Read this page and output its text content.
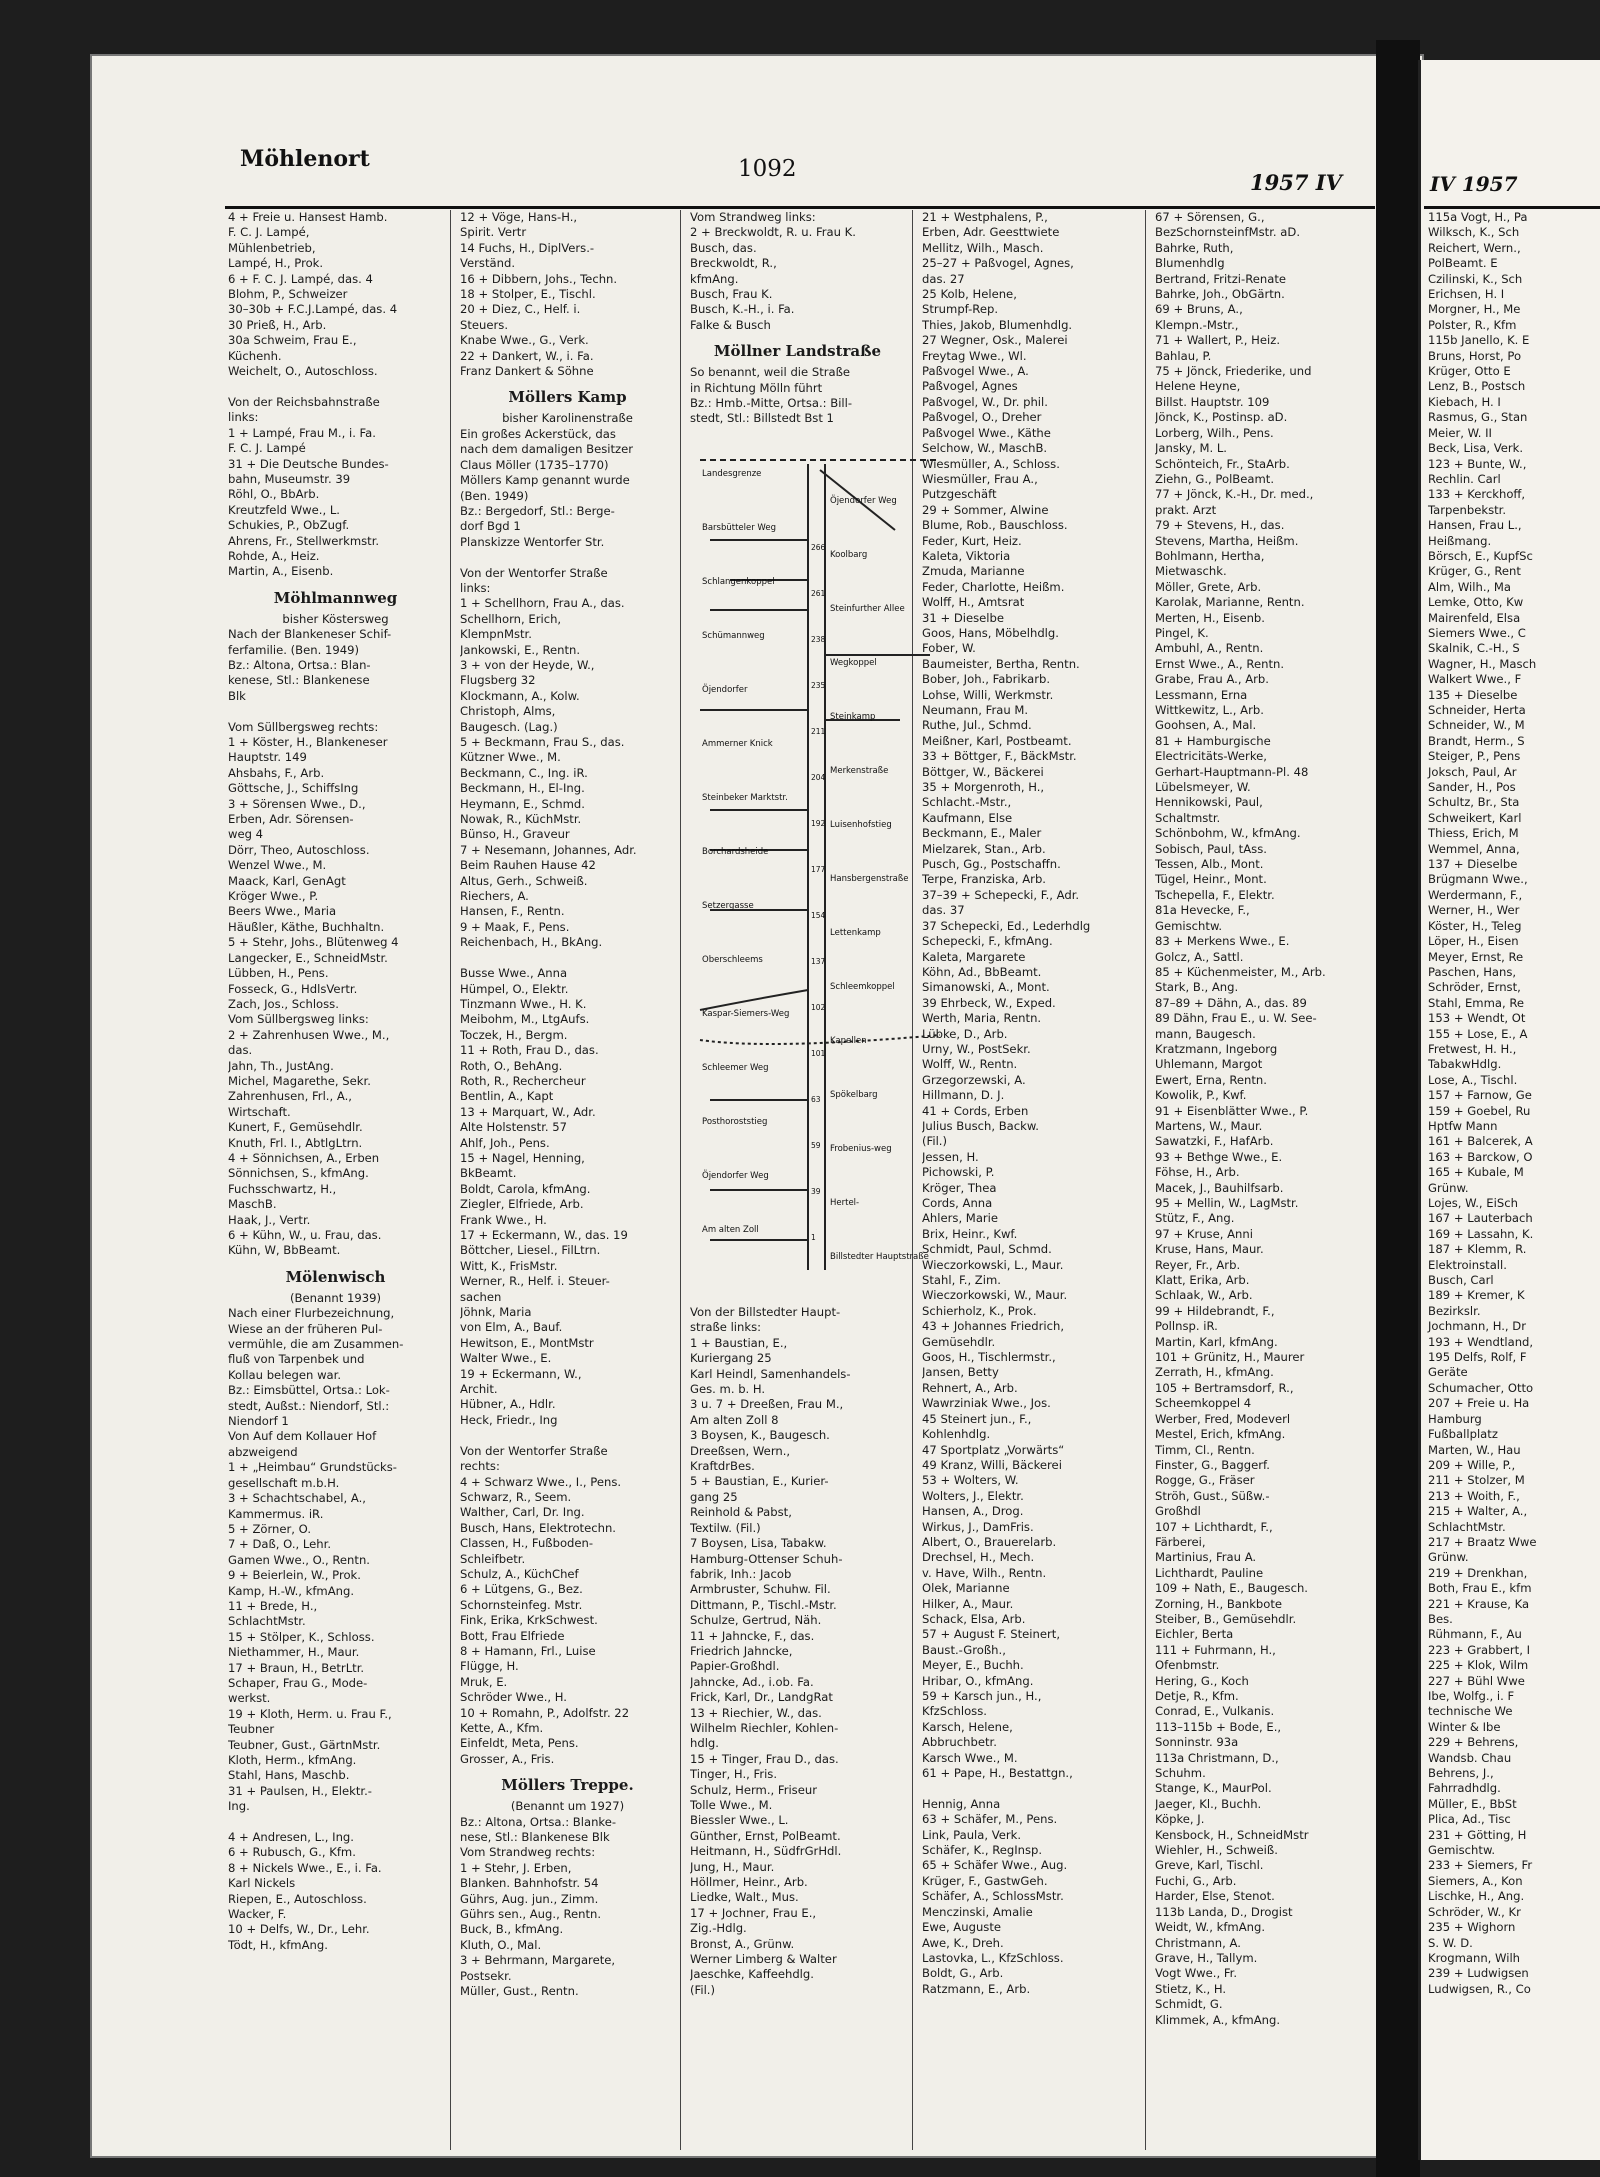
Möhlenort	1092
1957 IV	IV 1957
4 + Freie u. Hansest Hamb.
F. C. J. Lampé,
Mühlenbetrieb,
Lampé, H., Prok.
6 + F. C. J. Lampé, das. 4
Blohm, P., Schweizer
30–30b + F.C.J.Lampé, das. 4
30 Prieß, H., Arb.
30a Schweim, Frau E.,
Küchenh.
Weichelt, O., Autoschloss.

Von der Reichsbahnstraße
links:
1 + Lampé, Frau M., i. Fa.
F. C. J. Lampé
31 + Die Deutsche Bundes-
bahn, Museumstr. 39
Röhl, O., BbArb.
Kreutzfeld Wwe., L.
Schukies, P., ObZugf.
Ahrens, Fr., Stellwerkmstr.
Rohde, A., Heiz.
Martin, A., Eisenb.
Möhlmannweg
bisher Köstersweg
Nach der Blankeneser Schif-
ferfamilie. (Ben. 1949)
Bz.: Altona, Ortsa.: Blan-
kenese, Stl.: Blankenese
Blk

Vom Süllbergsweg rechts:
1 + Köster, H., Blankeneser
Hauptstr. 149
Ahsbahs, F., Arb.
Göttsche, J., SchiffsIng
3 + Sörensen Wwe., D.,
Erben, Adr. Sörensen-
weg 4
Dörr, Theo, Autoschloss.
Wenzel Wwe., M.
Maack, Karl, GenAgt
Kröger Wwe., P.
Beers Wwe., Maria
Häußler, Käthe, Buchhaltn.
5 + Stehr, Johs., Blütenweg 4
Langecker, E., SchneidMstr.
Lübben, H., Pens.
Fosseck, G., HdlsVertr.
Zach, Jos., Schloss.
Vom Süllbergsweg links:
2 + Zahrenhusen Wwe., M.,
das.
Jahn, Th., JustAng.
Michel, Magarethe, Sekr.
Zahrenhusen, Frl., A.,
Wirtschaft.
Kunert, F., Gemüsehdlr.
Knuth, Frl. I., AbtlgLtrn.
4 + Sönnichsen, A., Erben
Sönnichsen, S., kfmAng.
Fuchsschwartz, H.,
MaschB.
Haak, J., Vertr.
6 + Kühn, W., u. Frau, das.
Kühn, W, BbBeamt.
Mölenwisch
(Benannt 1939)
Nach einer Flurbezeichnung,
Wiese an der früheren Pul-
vermühle, die am Zusammen-
fluß von Tarpenbek und
Kollau belegen war.
Bz.: Eimsbüttel, Ortsa.: Lok-
stedt, Außst.: Niendorf, Stl.:
Niendorf 1
Von Auf dem Kollauer Hof
abzweigend
1 + „Heimbau“ Grundstücks-
gesellschaft m.b.H.
3 + Schachtschabel, A.,
Kammermus. iR.
5 + Zörner, O.
7 + Daß, O., Lehr.
Gamen Wwe., O., Rentn.
9 + Beierlein, W., Prok.
Kamp, H.-W., kfmAng.
11 + Brede, H.,
SchlachtMstr.
15 + Stölper, K., Schloss.
Niethammer, H., Maur.
17 + Braun, H., BetrLtr.
Schaper, Frau G., Mode-
werkst.
19 + Kloth, Herm. u. Frau F.,
Teubner
Teubner, Gust., GärtnMstr.
Kloth, Herm., kfmAng.
Stahl, Hans, Maschb.
31 + Paulsen, H., Elektr.-
Ing.

4 + Andresen, L., Ing.
6 + Rubusch, G., Kfm.
8 + Nickels Wwe., E., i. Fa.
Karl Nickels
Riepen, E., Autoschloss.
Wacker, F.
10 + Delfs, W., Dr., Lehr.
Tödt, H., kfmAng.
12 + Vöge, Hans-H.,
Spirit. Vertr
14 Fuchs, H., DiplVers.-
Verständ.
16 + Dibbern, Johs., Techn.
18 + Stolper, E., Tischl.
20 + Diez, C., Helf. i.
Steuers.
Knabe Wwe., G., Verk.
22 + Dankert, W., i. Fa.
Franz Dankert & Söhne
Möllers Kamp
bisher Karolinenstraße
Ein großes Ackerstück, das
nach dem damaligen Besitzer
Claus Möller (1735–1770)
Möllers Kamp genannt wurde
(Ben. 1949)
Bz.: Bergedorf, Stl.: Berge-
dorf Bgd 1
Planskizze Wentorfer Str.

Von der Wentorfer Straße
links:
1 + Schellhorn, Frau A., das.
Schellhorn, Erich,
KlempnMstr.
Jankowski, E., Rentn.
3 + von der Heyde, W.,
Flugsberg 32
Klockmann, A., Kolw.
Christoph, Alms,
Baugesch. (Lag.)
5 + Beckmann, Frau S., das.
Kützner Wwe., M.
Beckmann, C., Ing. iR.
Beckmann, H., El-Ing.
Heymann, E., Schmd.
Nowak, R., KüchMstr.
Bünso, H., Graveur
7 + Nesemann, Johannes, Adr.
Beim Rauhen Hause 42
Altus, Gerh., Schweiß.
Riechers, A.
Hansen, F., Rentn.
9 + Maak, F., Pens.
Reichenbach, H., BkAng.

Busse Wwe., Anna
Hümpel, O., Elektr.
Tinzmann Wwe., H. K.
Meibohm, M., LtgAufs.
Toczek, H., Bergm.
11 + Roth, Frau D., das.
Roth, O., BehAng.
Roth, R., Rechercheur
Bentlin, A., Kapt
13 + Marquart, W., Adr.
Alte Holstenstr. 57
Ahlf, Joh., Pens.
15 + Nagel, Henning,
BkBeamt.
Boldt, Carola, kfmAng.
Ziegler, Elfriede, Arb.
Frank Wwe., H.
17 + Eckermann, W., das. 19
Böttcher, Liesel., FilLtrn.
Witt, K., FrisMstr.
Werner, R., Helf. i. Steuer-
sachen
Jöhnk, Maria
von Elm, A., Bauf.
Hewitson, E., MontMstr
Walter Wwe., E.
19 + Eckermann, W.,
Archit.
Hübner, A., Hdlr.
Heck, Friedr., Ing

Von der Wentorfer Straße
rechts:
4 + Schwarz Wwe., I., Pens.
Schwarz, R., Seem.
Walther, Carl, Dr. Ing.
Busch, Hans, Elektrotechn.
Classen, H., Fußboden-
Schleifbetr.
Schulz, A., KüchChef
6 + Lütgens, G., Bez.
Schornsteinfeg. Mstr.
Fink, Erika, KrkSchwest.
Bott, Frau Elfriede
8 + Hamann, Frl., Luise
Flügge, H.
Mruk, E.
Schröder Wwe., H.
10 + Romahn, P., Adolfstr. 22
Kette, A., Kfm.
Einfeldt, Meta, Pens.
Grosser, A., Fris.
Möllers Treppe.
(Benannt um 1927)
Bz.: Altona, Ortsa.: Blanke-
nese, Stl.: Blankenese Blk
Vom Strandweg rechts:
1 + Stehr, J. Erben,
Blanken. Bahnhofstr. 54
Gührs, Aug. jun., Zimm.
Gührs sen., Aug., Rentn.
Buck, B., kfmAng.
Kluth, O., Mal.
3 + Behrmann, Margarete,
Postsekr.
Müller, Gust., Rentn.
Vom Strandweg links:
2 + Breckwoldt, R. u. Frau K.
Busch, das.
Breckwoldt, R.,
kfmAng.
Busch, Frau K.
Busch, K.-H., i. Fa.
Falke & Busch
Möllner Landstraße
So benannt, weil die Straße
in Richtung Mölln führt
Bz.: Hmb.-Mitte, Ortsa.: Bill-
stedt, Stl.: Billstedt Bst 1
Von der Billstedter Haupt-
straße links:
1 + Baustian, E.,
Kuriergang 25
Karl Heindl, Samenhandels-
Ges. m. b. H.
3 u. 7 + Dreeßen, Frau M.,
Am alten Zoll 8
3 Boysen, K., Baugesch.
Dreeßsen, Wern.,
KraftdrBes.
5 + Baustian, E., Kurier-
gang 25
Reinhold & Pabst,
Textilw. (Fil.)
7 Boysen, Lisa, Tabakw.
Hamburg-Ottenser Schuh-
fabrik, Inh.: Jacob
Armbruster, Schuhw. Fil.
Dittmann, P., Tischl.-Mstr.
Schulze, Gertrud, Näh.
11 + Jahncke, F., das.
Friedrich Jahncke,
Papier-Großhdl.
Jahncke, Ad., i.ob. Fa.
Frick, Karl, Dr., LandgRat
13 + Riechier, W., das.
Wilhelm Riechler, Kohlen-
hdlg.
15 + Tinger, Frau D., das.
Tinger, H., Fris.
Schulz, Herm., Friseur
Tolle Wwe., M.
Biessler Wwe., L.
Günther, Ernst, PolBeamt.
Heitmann, H., SüdfrGrHdl.
Jung, H., Maur.
Höllmer, Heinr., Arb.
Liedke, Walt., Mus.
17 + Jochner, Frau E.,
Zig.-Hdlg.
Bronst, A., Grünw.
Werner Limberg & Walter
Jaeschke, Kaffeehdlg.
(Fil.)
21 + Westphalens, P.,
Erben, Adr. Geesttwiete
Mellitz, Wilh., Masch.
25–27 + Paßvogel, Agnes,
das. 27
25 Kolb, Helene,
Strumpf-Rep.
Thies, Jakob, Blumenhdlg.
27 Wegner, Osk., Malerei
Freytag Wwe., Wl.
Paßvogel Wwe., A.
Paßvogel, Agnes
Paßvogel, W., Dr. phil.
Paßvogel, O., Dreher
Paßvogel Wwe., Käthe
Selchow, W., MaschB.
Wiesmüller, A., Schloss.
Wiesmüller, Frau A.,
Putzgeschäft
29 + Sommer, Alwine
Blume, Rob., Bauschloss.
Feder, Kurt, Heiz.
Kaleta, Viktoria
Zmuda, Marianne
Feder, Charlotte, Heißm.
Wolff, H., Amtsrat
31 + Dieselbe
Goos, Hans, Möbelhdlg.
Fober, W.
Baumeister, Bertha, Rentn.
Bober, Joh., Fabrikarb.
Lohse, Willi, Werkmstr.
Neumann, Frau M.
Ruthe, Jul., Schmd.
Meißner, Karl, Postbeamt.
33 + Böttger, F., BäckMstr.
Böttger, W., Bäckerei
35 + Morgenroth, H.,
Schlacht.-Mstr.,
Kaufmann, Else
Beckmann, E., Maler
Mielzarek, Stan., Arb.
Pusch, Gg., Postschaffn.
Terpe, Franziska, Arb.
37–39 + Schepecki, F., Adr.
das. 37
37 Schepecki, Ed., Lederhdlg
Schepecki, F., kfmAng.
Kaleta, Margarete
Köhn, Ad., BbBeamt.
Simanowski, A., Mont.
39 Ehrbeck, W., Exped.
Werth, Maria, Rentn.
Lübke, D., Arb.
Urny, W., PostSekr.
Wolff, W., Rentn.
Grzegorzewski, A.
Hillmann, D. J.
41 + Cords, Erben
Julius Busch, Backw.
(Fil.)
Jessen, H.
Pichowski, P.
Kröger, Thea
Cords, Anna
Ahlers, Marie
Brix, Heinr., Kwf.
Schmidt, Paul, Schmd.
Wieczorkowski, L., Maur.
Stahl, F., Zim.
Wieczorkowski, W., Maur.
Schierholz, K., Prok.
43 + Johannes Friedrich,
Gemüsehdlr.
Goos, H., Tischlermstr.,
Jansen, Betty
Rehnert, A., Arb.
Wawrziniak Wwe., Jos.
45 Steinert jun., F.,
Kohlenhdlg.
47 Sportplatz „Vorwärts“
49 Kranz, Willi, Bäckerei
53 + Wolters, W.
Wolters, J., Elektr.
Hansen, A., Drog.
Wirkus, J., DamFris.
Albert, O., Brauerelarb.
Drechsel, H., Mech.
v. Have, Wilh., Rentn.
Olek, Marianne
Hilker, A., Maur.
Schack, Elsa, Arb.
57 + August F. Steinert,
Baust.-Großh.,
Meyer, E., Buchh.
Hribar, O., kfmAng.
59 + Karsch jun., H.,
KfzSchloss.
Karsch, Helene,
Abbruchbetr.
Karsch Wwe., M.
61 + Pape, H., Bestattgn.,

Hennig, Anna
63 + Schäfer, M., Pens.
Link, Paula, Verk.
Schäfer, K., RegInsp.
65 + Schäfer Wwe., Aug.
Krüger, F., GastwGeh.
Schäfer, A., SchlossMstr.
Menczinski, Amalie
Ewe, Auguste
Awe, K., Dreh.
Lastovka, L., KfzSchloss.
Boldt, G., Arb.
Ratzmann, E., Arb.
67 + Sörensen, G.,
BezSchornsteinfMstr. aD.
Bahrke, Ruth,
Blumenhdlg
Bertrand, Fritzi-Renate
Bahrke, Joh., ObGärtn.
69 + Bruns, A.,
Klempn.-Mstr.,
71 + Wallert, P., Heiz.
Bahlau, P.
75 + Jönck, Friederike, und
Helene Heyne,
Billst. Hauptstr. 109
Jönck, K., Postinsp. aD.
Lorberg, Wilh., Pens.
Jansky, M. L.
Schönteich, Fr., StaArb.
Ziehn, G., PolBeamt.
77 + Jönck, K.-H., Dr. med.,
prakt. Arzt
79 + Stevens, H., das.
Stevens, Martha, Heißm.
Bohlmann, Hertha,
Mietwaschk.
Möller, Grete, Arb.
Karolak, Marianne, Rentn.
Merten, H., Eisenb.
Pingel, K.
Ambuhl, A., Rentn.
Ernst Wwe., A., Rentn.
Grabe, Frau A., Arb.
Lessmann, Erna
Wittkewitz, L., Arb.
Goohsen, A., Mal.
81 + Hamburgische
Electricitäts-Werke,
Gerhart-Hauptmann-Pl. 48
Lübelsmeyer, W.
Hennikowski, Paul,
Schaltmstr.
Schönbohm, W., kfmAng.
Sobisch, Paul, tAss.
Tessen, Alb., Mont.
Tügel, Heinr., Mont.
Tschepella, F., Elektr.
81a Hevecke, F.,
Gemischtw.
83 + Merkens Wwe., E.
Golcz, A., Sattl.
85 + Küchenmeister, M., Arb.
Stark, B., Ang.
87–89 + Dähn, A., das. 89
89 Dähn, Frau E., u. W. See-
mann, Baugesch.
Kratzmann, Ingeborg
Uhlemann, Margot
Ewert, Erna, Rentn.
Kowolik, P., Kwf.
91 + Eisenblätter Wwe., P.
Martens, W., Maur.
Sawatzki, F., HafArb.
93 + Bethge Wwe., E.
Föhse, H., Arb.
Macek, J., Bauhilfsarb.
95 + Mellin, W., LagMstr.
Stütz, F., Ang.
97 + Kruse, Anni
Kruse, Hans, Maur.
Reyer, Fr., Arb.
Klatt, Erika, Arb.
Schlaak, W., Arb.
99 + Hildebrandt, F.,
Pollnsp. iR.
Martin, Karl, kfmAng.
101 + Grünitz, H., Maurer
Zerrath, H., kfmAng.
105 + Bertramsdorf, R.,
Scheemkoppel 4
Werber, Fred, Modeverl
Mestel, Erich, kfmAng.
Timm, Cl., Rentn.
Finster, G., Baggerf.
Rogge, G., Fräser
Ströh, Gust., Süßw.-
Großhdl
107 + Lichthardt, F.,
Färberei,
Martinius, Frau A.
Lichthardt, Pauline
109 + Nath, E., Baugesch.
Zorning, H., Bankbote
Steiber, B., Gemüsehdlr.
Eichler, Berta
111 + Fuhrmann, H.,
Ofenbmstr.
Hering, G., Koch
Detje, R., Kfm.
Conrad, E., Vulkanis.
113–115b + Bode, E.,
Sonninstr. 93a
113a Christmann, D.,
Schuhm.
Stange, K., MaurPol.
Jaeger, Kl., Buchh.
Köpke, J.
Kensbock, H., SchneidMstr
Wiehler, H., Schweiß.
Greve, Karl, Tischl.
Fuchi, G., Arb.
Harder, Else, Stenot.
113b Landa, D., Drogist
Weidt, W., kfmAng.
Christmann, A.
Grave, H., Tallym.
Vogt Wwe., Fr.
Stietz, K., H.
Schmidt, G.
Klimmek, A., kfmAng.
115a Vogt, H., Pa
Wilksch, K., Sch
Reichert, Wern.,
PolBeamt. E
Czilinski, K., Sch
Erichsen, H. I
Morgner, H., Me
Polster, R., Kfm
115b Janello, K. E
Bruns, Horst, Po
Krüger, Otto E
Lenz, B., Postsch
Kiebach, H. I
Rasmus, G., Stan
Meier, W. II
Beck, Lisa, Verk.
123 + Bunte, W.,
Rechlin. Carl
133 + Kerckhoff,
Tarpenbekstr.
Hansen, Frau L.,
Heißmang.
Börsch, E., KupfSc
Krüger, G., Rent
Alm, Wilh., Ma
Lemke, Otto, Kw
Mairenfeld, Elsa
Siemers Wwe., C
Skalnik, C.-H., S
Wagner, H., Masch
Walkert Wwe., F
135 + Dieselbe
Schneider, Herta
Schneider, W., M
Brandt, Herm., S
Steiger, P., Pens
Joksch, Paul, Ar
Sander, H., Pos
Schultz, Br., Sta
Schweikert, Karl
Thiess, Erich, M
Wemmel, Anna,
137 + Dieselbe
Brügmann Wwe.,
Werdermann, F.,
Werner, H., Wer
Köster, H., Teleg
Löper, H., Eisen
Meyer, Ernst, Re
Paschen, Hans,
Schröder, Ernst,
Stahl, Emma, Re
153 + Wendt, Ot
155 + Lose, E., A
Fretwest, H. H.,
TabakwHdlg.
Lose, A., Tischl.
157 + Farnow, Ge
159 + Goebel, Ru
Hptfw Mann
161 + Balcerek, A
163 + Barckow, O
165 + Kubale, M
Grünw.
Lojes, W., EiSch
167 + Lauterbach
169 + Lassahn, K.
187 + Klemm, R.
Elektroinstall.
Busch, Carl
189 + Kremer, K
Bezirkslr.
Jochmann, H., Dr
193 + Wendtland,
195 Delfs, Rolf, F
Geräte
Schumacher, Otto
207 + Freie u. Ha
Hamburg
Fußballplatz
Marten, W., Hau
209 + Wille, P.,
211 + Stolzer, M
213 + Woith, F.,
215 + Walter, A.,
SchlachtMstr.
217 + Braatz Wwe
Grünw.
219 + Drenkhan,
Both, Frau E., kfm
221 + Krause, Ka
Bes.
Rühmann, F., Au
223 + Grabbert, I
225 + Klok, Wilm
227 + Bühl Wwe
Ibe, Wolfg., i. F
technische We
Winter & Ibe
229 + Behrens,
Wandsb. Chau
Behrens, J.,
Fahrradhdlg.
Müller, E., BbSt
Plica, Ad., Tisc
231 + Götting, H
Gemischtw.
233 + Siemers, Fr
Siemers, A., Kon
Lischke, H., Ang.
Schröder, W., Kr
235 + Wighorn
S. W. D.
Krogmann, Wilh
239 + Ludwigsen
Ludwigsen, R., Co
Landesgrenze
Öjendorfer Weg
Barsbütteler Weg
Koolbarg
Schlangenkoppel
Steinfurther Allee
Schümannweg
Wegkoppel
Öjendorfer
Steinkamp
Ammerner Knick
Merkenstraße
Steinbeker Marktstr.
Luisenhofstieg
Borchardsheide
Hansbergenstraße
Setzergasse
Lettenkamp
Oberschleems
Schleemkoppel
Kaspar-Siemers-Weg
Kapellen
Schleemer Weg
Spökelbarg
Posthoroststieg
Frobenius-weg
Öjendorfer Weg
Hertel-
Am alten Zoll
Billstedter Hauptstraße
266
261
238
235
211
204
192
177
154
137
102
101
63
59
39
1
